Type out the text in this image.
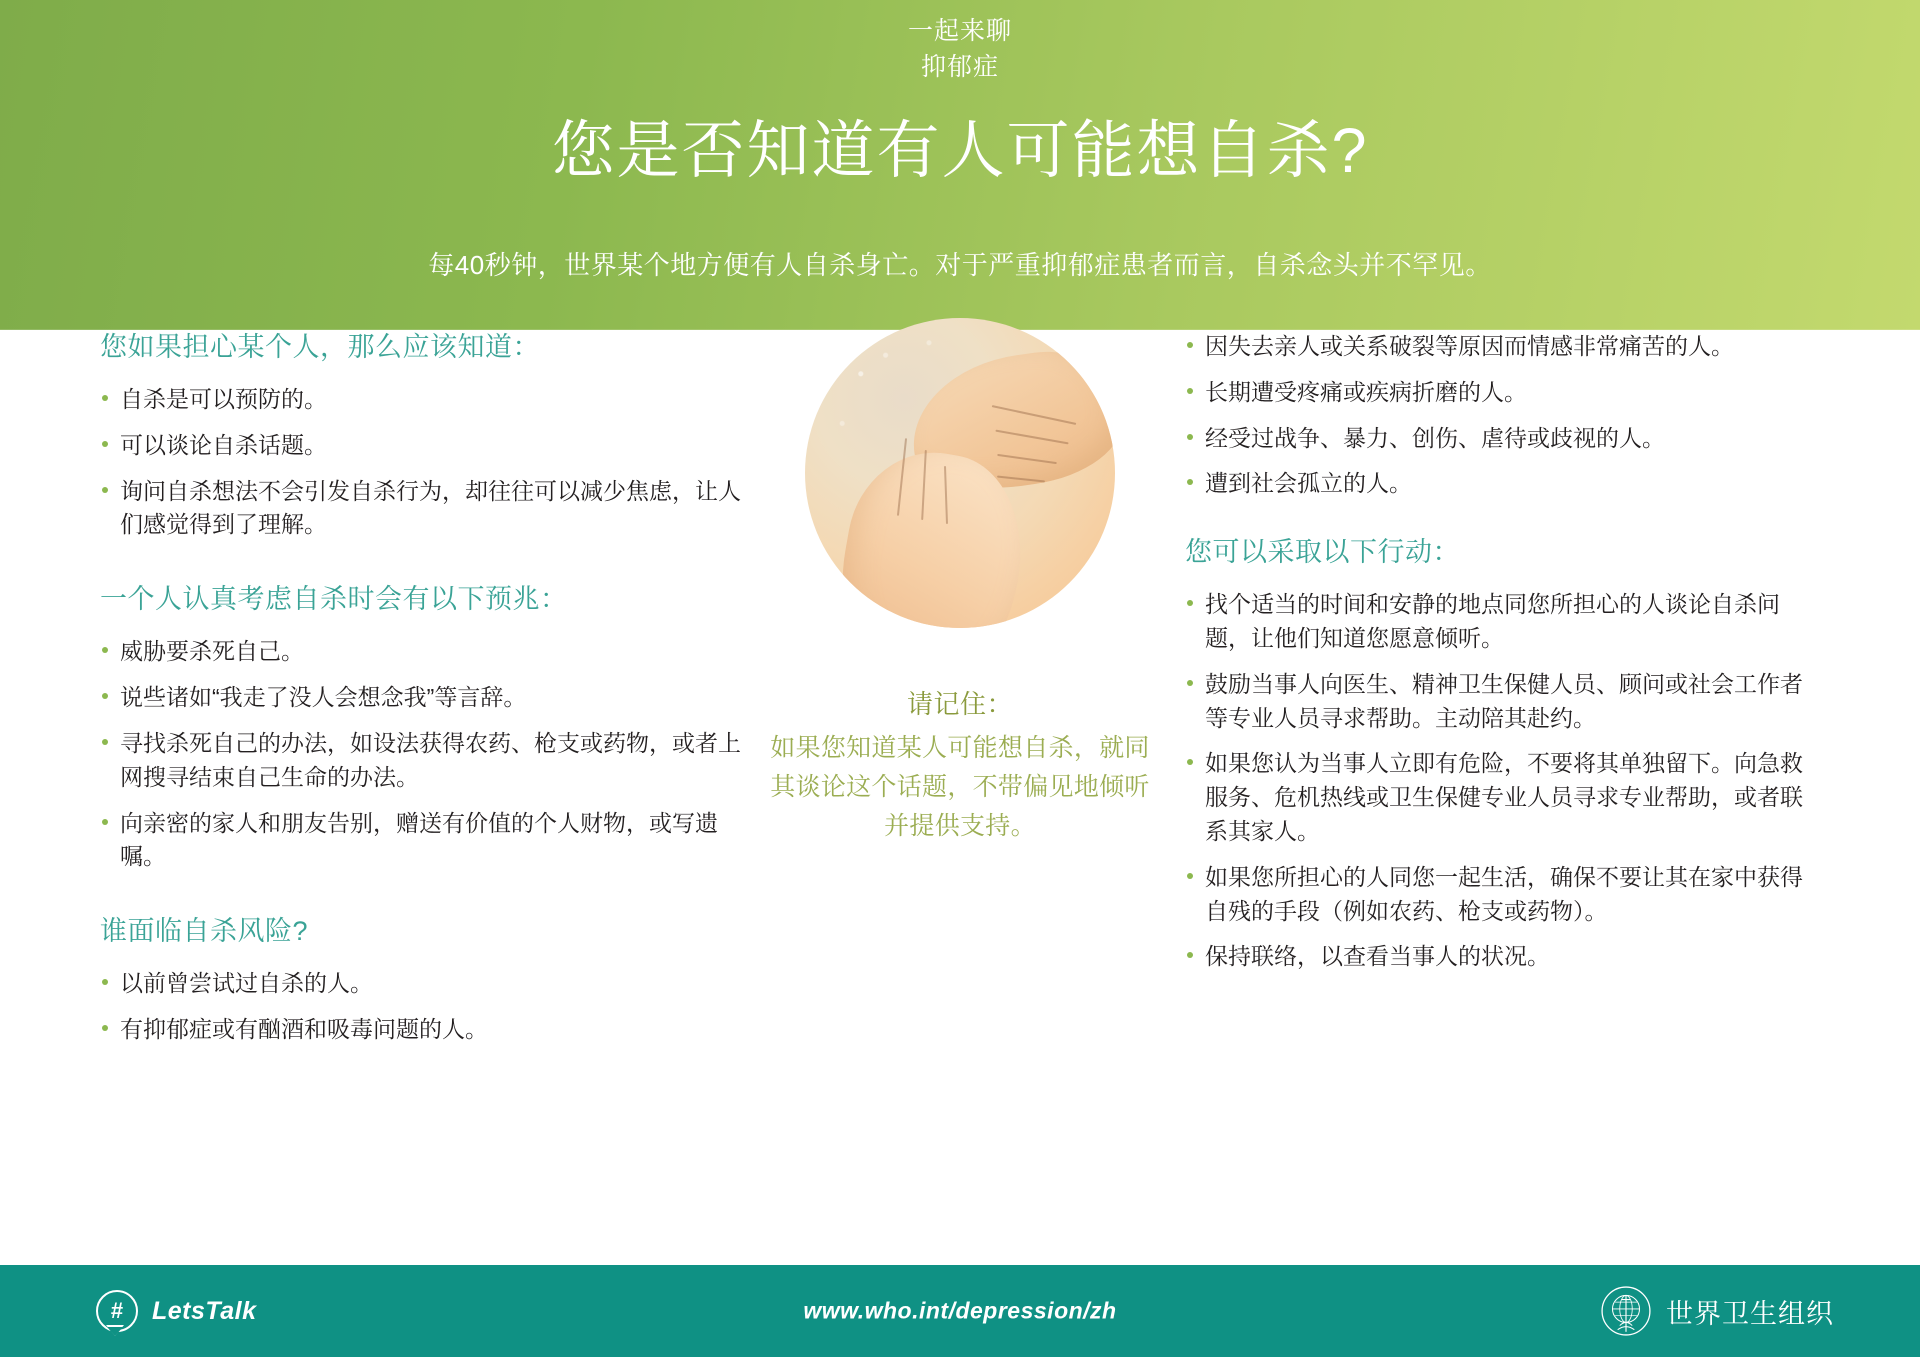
一起来聊
抑郁症
您是否知道有人可能想自杀?
每40秒钟，世界某个地方便有人自杀身亡。对于严重抑郁症患者而言，自杀念头并不罕见。
您如果担心某个人，那么应该知道：
自杀是可以预防的。
可以谈论自杀话题。
询问自杀想法不会引发自杀行为，却往往可以减少焦虑，让人们感觉得到了理解。
一个人认真考虑自杀时会有以下预兆：
威胁要杀死自己。
说些诸如“我走了没人会想念我”等言辞。
寻找杀死自己的办法，如设法获得农药、枪支或药物，或者上网搜寻结束自己生命的办法。
向亲密的家人和朋友告别，赠送有价值的个人财物，或写遗嘱。
谁面临自杀风险?
以前曾尝试过自杀的人。
有抑郁症或有酗酒和吸毒问题的人。
请记住：
如果您知道某人可能想自杀，就同其谈论这个话题，不带偏见地倾听并提供支持。
因失去亲人或关系破裂等原因而情感非常痛苦的人。
长期遭受疼痛或疾病折磨的人。
经受过战争、暴力、创伤、虐待或歧视的人。
遭到社会孤立的人。
您可以采取以下行动：
找个适当的时间和安静的地点同您所担心的人谈论自杀问题，让他们知道您愿意倾听。
鼓励当事人向医生、精神卫生保健人员、顾问或社会工作者等专业人员寻求帮助。主动陪其赴约。
如果您认为当事人立即有危险，不要将其单独留下。向急救服务、危机热线或卫生保健专业人员寻求专业帮助，或者联系其家人。
如果您所担心的人同您一起生活，确保不要让其在家中获得自残的手段（例如农药、枪支或药物）。
保持联络，以查看当事人的状况。
# LetsTalk	www.who.int/depression/zh	世界卫生组织
